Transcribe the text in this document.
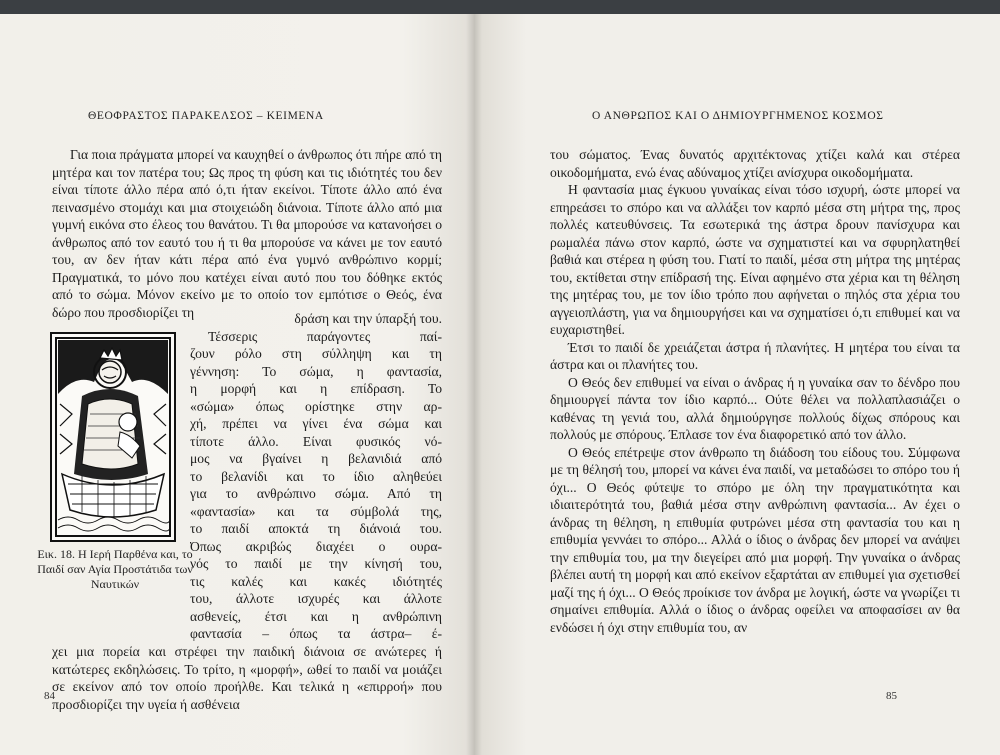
ΘΕΟΦΡΑΣΤΟΣ ΠΑΡΑΚΕΛΣΟΣ – ΚΕΙΜΕΝΑ

Για ποια πράγματα μπορεί να καυχηθεί ο άνθρωπος ότι πήρε από τη μητέρα και τον πατέρα του; Ως προς τη φύση και τις ιδιότητές του δεν είναι τίποτε άλλο πέρα από ό,τι ήταν εκείνοι. Τίποτε άλλο από ένα πεινασμένο στομάχι και μια στοιχειώδη διάνοια. Τίποτε άλλο από μια γυμνή εικόνα στο έλεος του θανάτου. Τι θα μπορούσε να κατανοήσει ο άνθρωπος από τον εαυτό του ή τι θα μπορούσε να κάνει με τον εαυτό του, αν δεν ήταν κάτι πέρα από ένα γυμνό ανθρώπινο κορμί; Πραγματικά, το μόνο που κατέχει είναι αυτό που του δόθηκε εκτός από το σώμα. Μόνον εκείνο με το οποίο τον εμπότισε ο Θεός, ένα δώρο που προσδιορίζει τη	δράση και την ύπαρξή του.
Τέσσερις παράγοντες παί-
ζουν ρόλο στη σύλληψη και τη
γέννηση: Το σώμα, η φαντασία,
η μορφή και η επίδραση. Το
«σώμα» όπως ορίστηκε στην αρ-
χή, πρέπει να γίνει ένα σώμα και
τίποτε άλλο. Είναι φυσικός νό-
μος να βγαίνει η βελανιδιά από
το βελανίδι και το ίδιο αληθεύει
για το ανθρώπινο σώμα. Από τη
«φαντασία» και τα σύμβολά της,
το παιδί αποκτά τη διάνοιά του.
Όπως ακριβώς διαχέει ο ουρα-
νός το παιδί με την κίνησή του,
τις καλές και κακές ιδιότητές
του, άλλοτε ισχυρές και άλλοτε
ασθενείς, έτσι και η ανθρώπινη
φαντασία – όπως τα άστρα– έ-
Εικ. 18. Η Ιερή Παρθένα και, το Παιδί σαν Αγία Προστάτιδα των Ναυτικών

χει μια πορεία και στρέφει την παιδική διάνοια σε ανώτερες ή κατώτερες εκδηλώσεις. Το τρίτο, η «μορφή», ωθεί το παιδί να μοιάζει σε εκείνον από τον οποίο προήλθε. Και τελικά η «επιρροή» που προσδιορίζει την υγεία ή ασθένεια

84
Ο ΑΝΘΡΩΠΟΣ ΚΑΙ Ο ΔΗΜΙΟΥΡΓΗΜΕΝΟΣ ΚΟΣΜΟΣ

του σώματος. Ένας δυνατός αρχιτέκτονας χτίζει καλά και στέρεα οικοδομήματα, ενώ ένας αδύναμος χτίζει ανίσχυρα οικοδομήματα.

Η φαντασία μιας έγκυου γυναίκας είναι τόσο ισχυρή, ώστε μπορεί να επηρεάσει το σπόρο και να αλλάξει τον καρπό μέσα στη μήτρα της, προς πολλές κατευθύνσεις. Τα εσωτερικά της άστρα δρουν πανίσχυρα και ρωμαλέα πάνω στον καρπό, ώστε να σχηματιστεί και να σφυρηλατηθεί βαθιά και στέρεα η φύση του. Γιατί το παιδί, μέσα στη μήτρα της μητέρας του, εκτίθεται στην επίδρασή της. Είναι αφημένο στα χέρια και τη θέληση της μητέρας του, με τον ίδιο τρόπο που αφήνεται ο πηλός στα χέρια του αγγειοπλάστη, για να δημιουργήσει και να σχηματίσει ό,τι επιθυμεί και να ευχαριστηθεί.

Έτσι το παιδί δε χρειάζεται άστρα ή πλανήτες. Η μητέρα του είναι τα άστρα και οι πλανήτες του.

Ο Θεός δεν επιθυμεί να είναι ο άνδρας ή η γυναίκα σαν το δένδρο που δημιουργεί πάντα τον ίδιο καρπό... Ούτε θέλει να πολλαπλασιάζει ο καθένας τη γενιά του, αλλά δημιούργησε πολλούς δίχως σπόρους και πολλούς με σπόρους. Έπλασε τον ένα διαφορετικό από τον άλλο.

Ο Θεός επέτρεψε στον άνθρωπο τη διάδοση του είδους του. Σύμφωνα με τη θέλησή του, μπορεί να κάνει ένα παιδί, να μεταδώσει το σπόρο του ή όχι... Ο Θεός φύτεψε το σπόρο με όλη την πραγματικότητα και ιδιαιτερότητά του, βαθιά μέσα στην ανθρώπινη φαντασία... Αν έχει ο άνδρας τη θέληση, η επιθυμία φυτρώνει μέσα στη φαντασία του και η επιθυμία γεννάει το σπόρο... Αλλά ο ίδιος ο άνδρας δεν μπορεί να ανάψει την επιθυμία του, μα την διεγείρει από μια μορφή. Την γυναίκα ο άνδρας βλέπει αυτή τη μορφή και από εκείνον εξαρτάται αν επιθυμεί για σχετισθεί μαζί της ή όχι... Ο Θεός προίκισε τον άνδρα με λογική, ώστε να γνωρίζει τι σημαίνει επιθυμία. Αλλά ο ίδιος ο άνδρας οφείλει να αποφασίσει αν θα ενδώσει ή όχι στην επιθυμία του, αν

85
